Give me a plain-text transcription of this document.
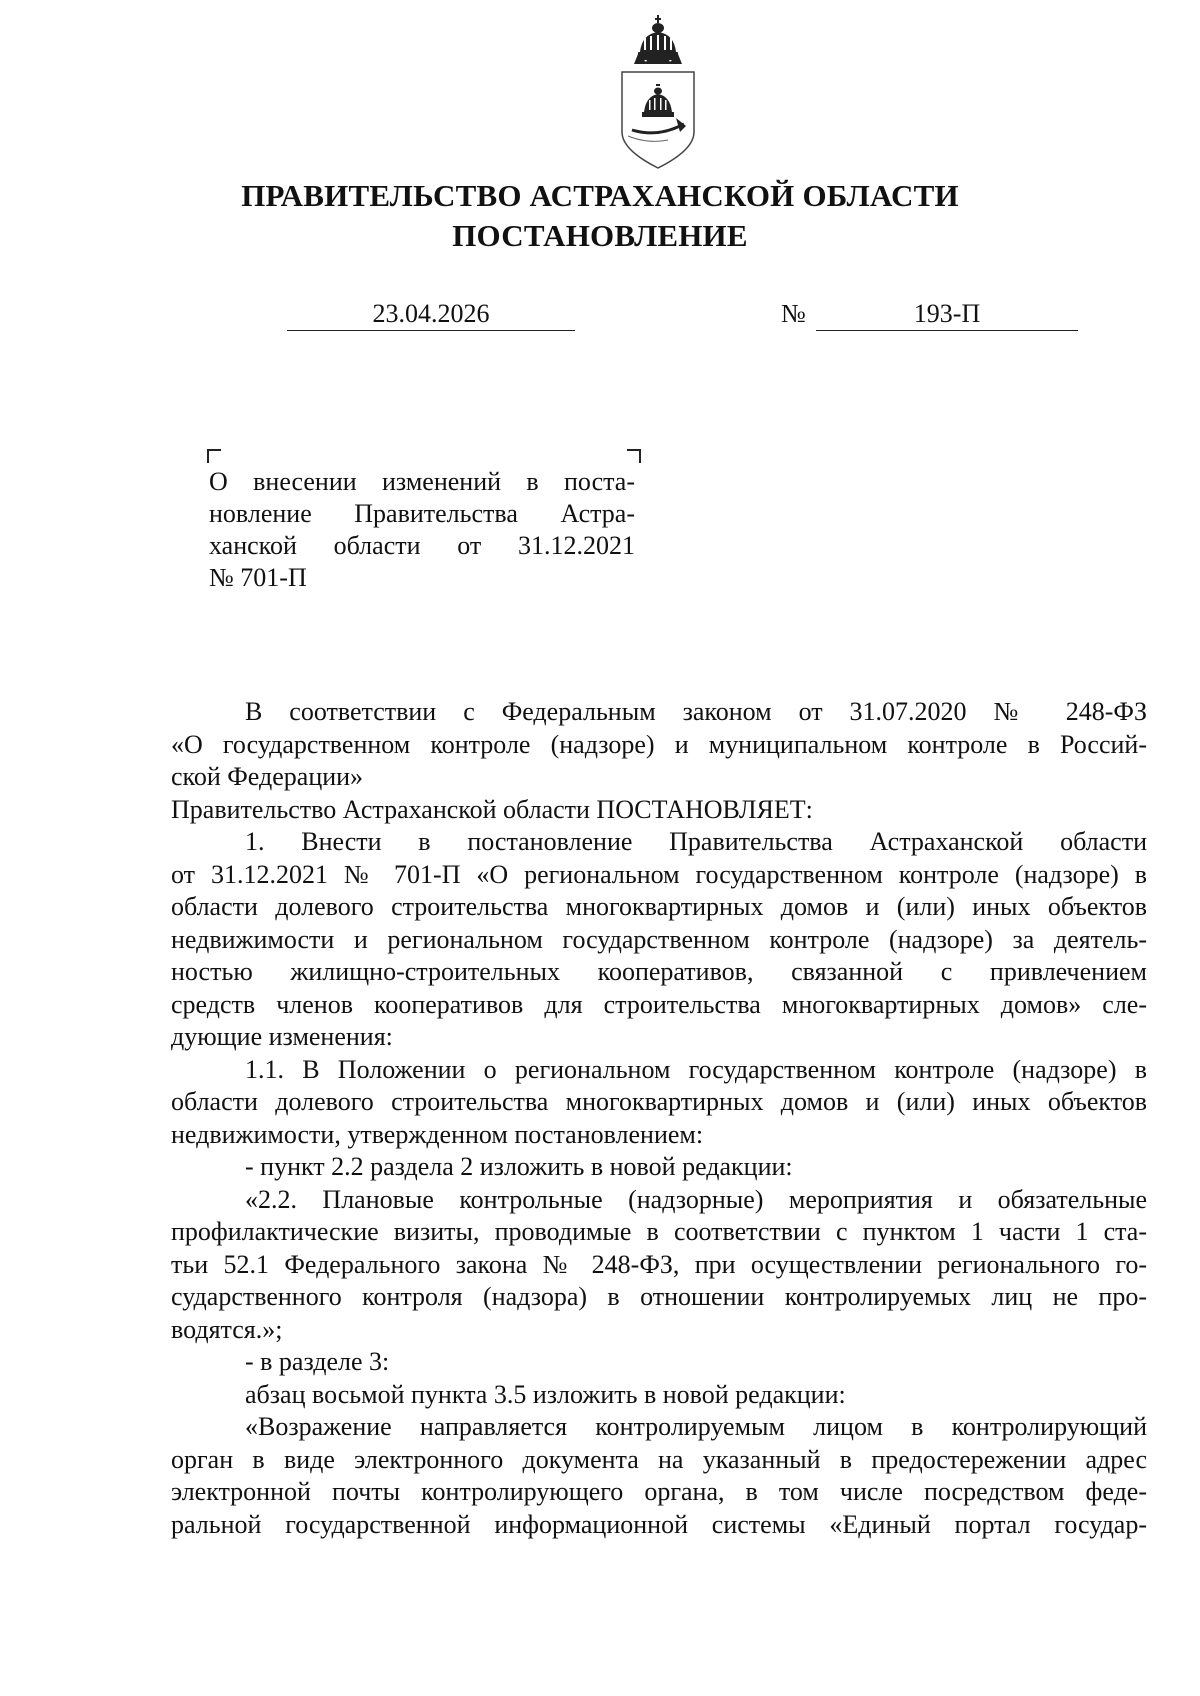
ПРАВИТЕЛЬСТВО АСТРАХАНСКОЙ ОБЛАСТИ
ПОСТАНОВЛЕНИЕ
23.04.2026	№	193-П
О внесении изменений в поста-
новление Правительства Астра-
ханской области от 31.12.2021
№ 701-П
В соответствии с Федеральным законом от 31.07.2020 № 248-ФЗ
«О государственном контроле (надзоре) и муниципальном контроле в Россий-
ской Федерации»
Правительство Астраханской области ПОСТАНОВЛЯЕТ:
1. Внести в постановление Правительства Астраханской области
от 31.12.2021 № 701-П «О региональном государственном контроле (надзоре) в
области долевого строительства многоквартирных домов и (или) иных объектов
недвижимости и региональном государственном контроле (надзоре) за деятель-
ностью жилищно-строительных кооперативов, связанной с привлечением
средств членов кооперативов для строительства многоквартирных домов» сле-
дующие изменения:
1.1. В Положении о региональном государственном контроле (надзоре) в
области долевого строительства многоквартирных домов и (или) иных объектов
недвижимости, утвержденном постановлением:
- пункт 2.2 раздела 2 изложить в новой редакции:
«2.2. Плановые контрольные (надзорные) мероприятия и обязательные
профилактические визиты, проводимые в соответствии с пунктом 1 части 1 ста-
тьи 52.1 Федерального закона № 248-ФЗ, при осуществлении регионального го-
сударственного контроля (надзора) в отношении контролируемых лиц не про-
водятся.»;
- в разделе 3:
абзац восьмой пункта 3.5 изложить в новой редакции:
«Возражение направляется контролируемым лицом в контролирующий
орган в виде электронного документа на указанный в предостережении адрес
электронной почты контролирующего органа, в том числе посредством феде-
ральной государственной информационной системы «Единый портал государ-
